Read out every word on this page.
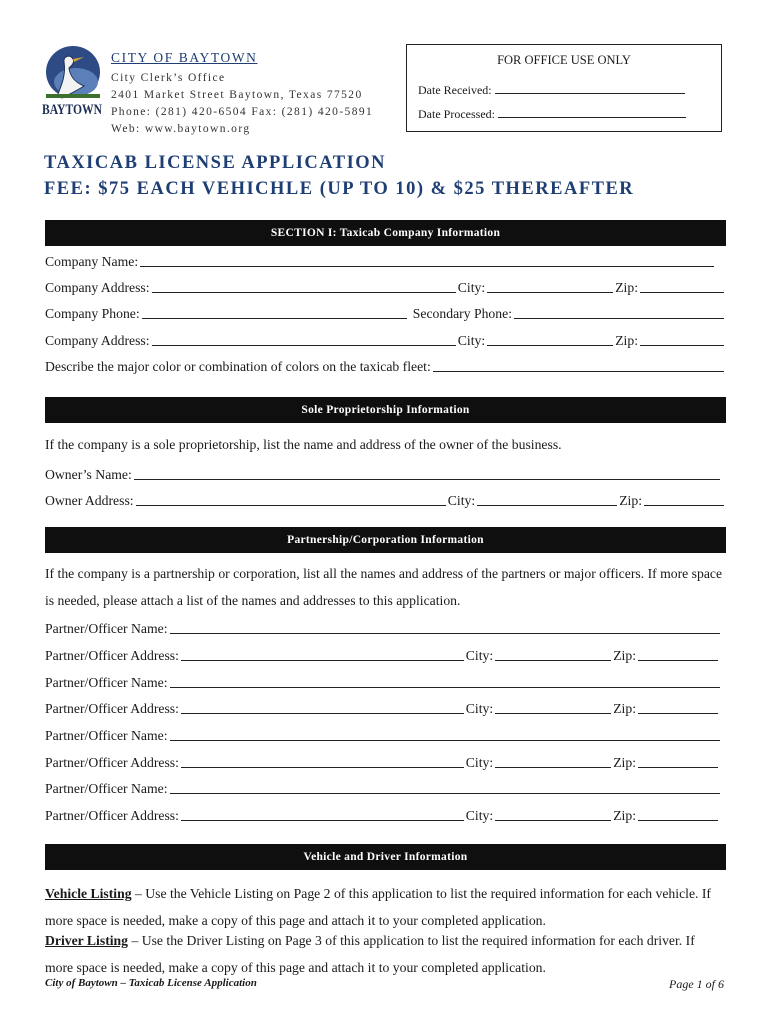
BAYTOWN
CITY OF BAYTOWN
City Clerk’s Office
2401 Market Street Baytown, Texas 77520
Phone: (281) 420-6504 Fax: (281) 420-5891
Web: www.baytown.org
FOR OFFICE USE ONLY
Date Received:
Date Processed:
TAXICAB LICENSE APPLICATION
FEE: $75 EACH VEHICHLE (UP TO 10) & $25 THEREAFTER
SECTION I: Taxicab Company Information
Company Name:
Company Address:	City:	Zip:
Company Phone:	Secondary Phone:
Company Address:	City:	Zip:
Describe the major color or combination of colors on the taxicab fleet:
Sole Proprietorship Information
If the company is a sole proprietorship, list the name and address of the owner of the business.
Owner’s Name:
Owner Address:	City:	Zip:
Partnership/Corporation Information
If the company is a partnership or corporation, list all the names and address of the partners or major officers. If more space is needed, please attach a list of the names and addresses to this application.
Partner/Officer Name:
Partner/Officer Address:	City:	Zip:
Partner/Officer Name:
Partner/Officer Address:	City:	Zip:
Partner/Officer Name:
Partner/Officer Address:	City:	Zip:
Partner/Officer Name:
Partner/Officer Address:	City:	Zip:
Vehicle and Driver Information
Vehicle Listing – Use the Vehicle Listing on Page 2 of this application to list the required information for each vehicle. If more space is needed, make a copy of this page and attach it to your completed application.
Driver Listing – Use the Driver Listing on Page 3 of this application to list the required information for each driver. If more space is needed, make a copy of this page and attach it to your completed application.
City of Baytown – Taxicab License Application	Page 1 of 6
